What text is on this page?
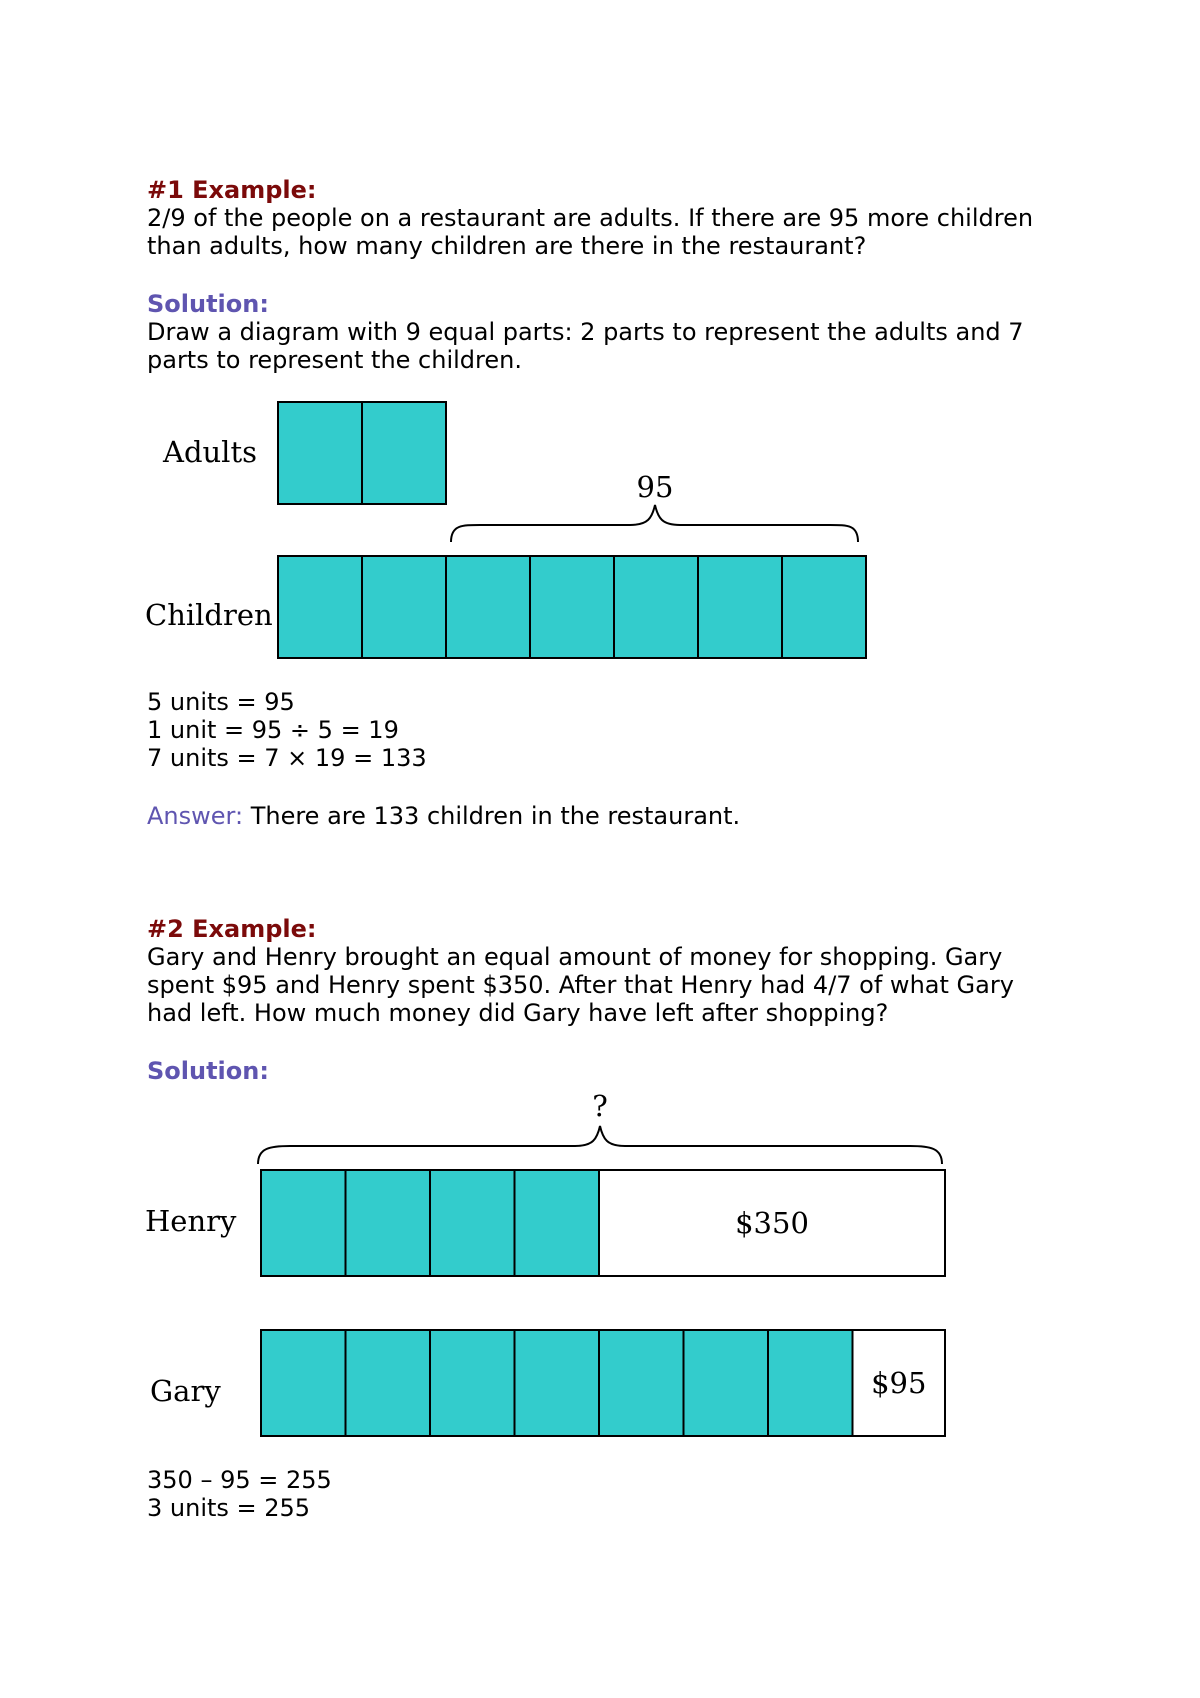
#1 Example:
2/9 of the people on a restaurant are adults. If there are 95 more children
than adults, how many children are there in the restaurant?
Solution:
Draw a diagram with 9 equal parts: 2 parts to represent the adults and 7
parts to represent the children.
Adults
Children
95
5 units = 95
1 unit = 95 ÷ 5 = 19
7 units = 7 × 19 = 133
Answer: There are 133 children in the restaurant.
#2 Example:
Gary and Henry brought an equal amount of money for shopping. Gary
spent $95 and Henry spent $350. After that Henry had 4/7 of what Gary
had left. How much money did Gary have left after shopping?
Solution:
?
Henry
Gary
$350
$95
350 – 95 = 255
3 units = 255
